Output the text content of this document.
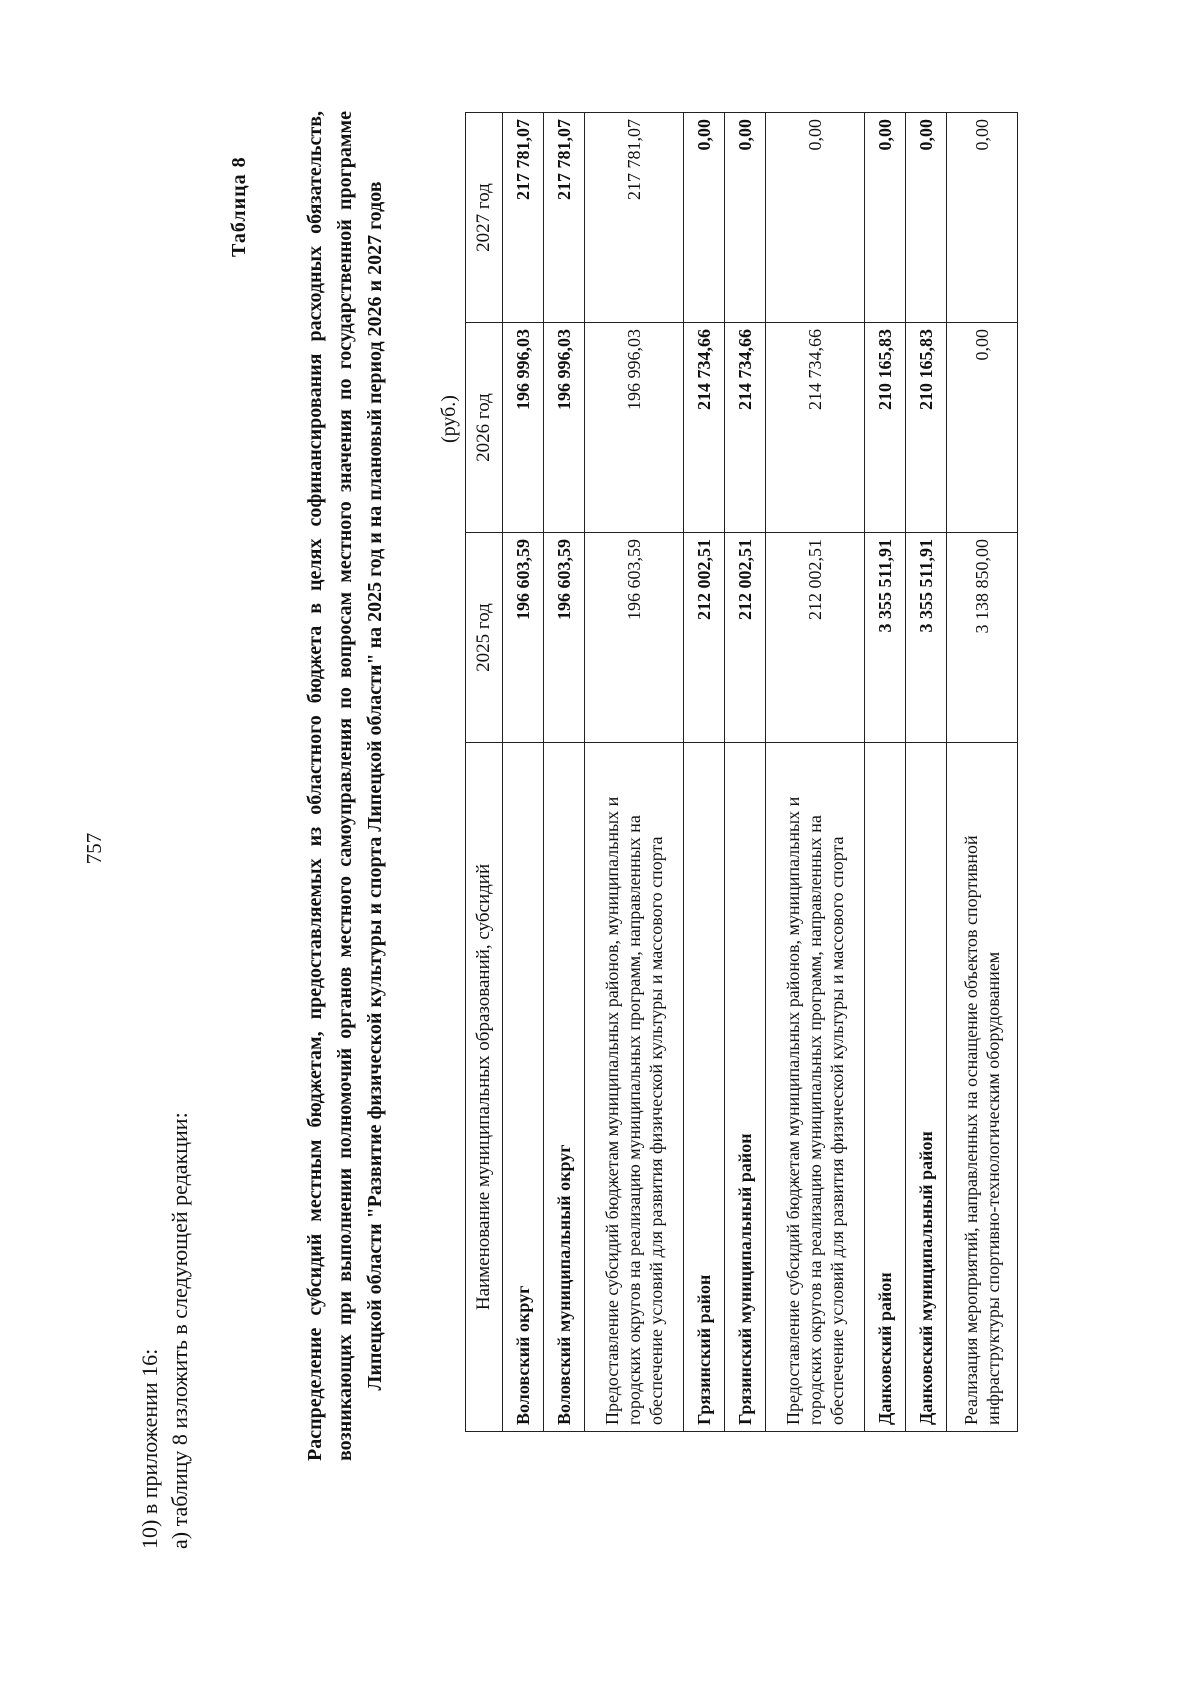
757
10) в приложении 16: а) таблицу 8 изложить в следующей редакции:
Таблица 8	Распределение субсидий местным бюджетам, предоставляемых из областного бюджета в целях софинансирования расходных обязательств, возникающих при выполнении полномочий органов местного самоуправления по вопросам местного значения по государственной программе Липецкой области "Развитие физической культуры и спорта Липецкой области" на 2025 год и на плановый период 2026 и 2027 годов	(руб.)
Наименование муниципальных образований, субсидий	2025 год	2026 год	2027 год
Воловский округ	196 603,59	196 996,03	217 781,07
Воловский муниципальный округ	196 603,59	196 996,03	217 781,07
Предоставление субсидий бюджетам муниципальных районов, муниципальных и городских округов на реализацию муниципальных программ, направленных на обеспечение условий для развития физической культуры и массового спорта	196 603,59	196 996,03	217 781,07
Грязинский район	212 002,51	214 734,66	0,00
Грязинский муниципальный район	212 002,51	214 734,66	0,00
Предоставление субсидий бюджетам муниципальных районов, муниципальных и городских округов на реализацию муниципальных программ, направленных на обеспечение условий для развития физической культуры и массового спорта	212 002,51	214 734,66	0,00
Данковский район	3 355 511,91	210 165,83	0,00
Данковский муниципальный район	3 355 511,91	210 165,83	0,00
Реализация мероприятий, направленных на оснащение объектов спортивной инфраструктуры спортивно-технологическим оборудованием	3 138 850,00	0,00	0,00
